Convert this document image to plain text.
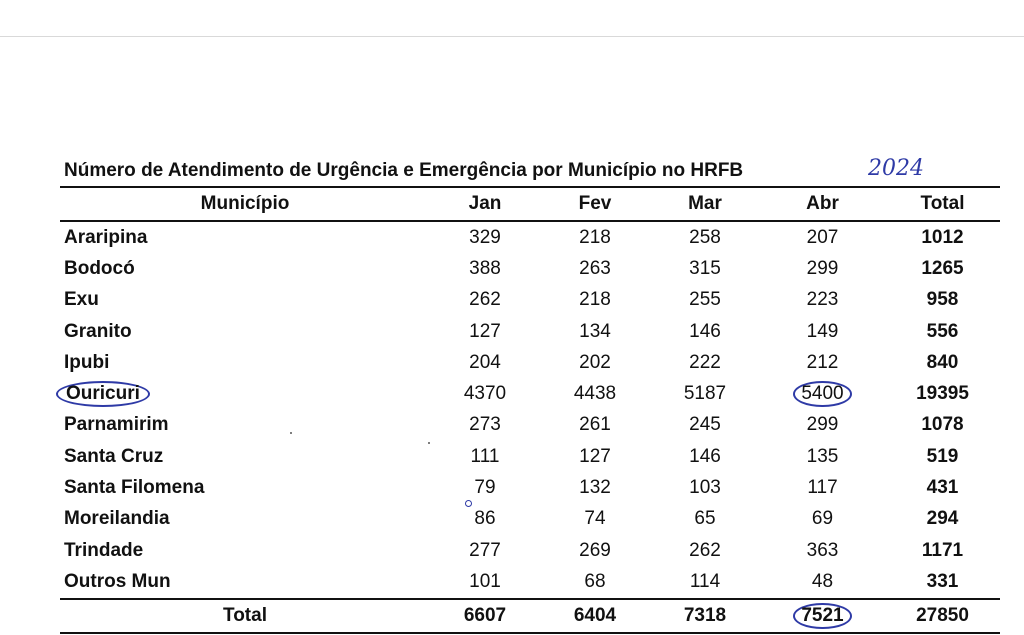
Número de Atendimento de Urgência e Emergência por Município no HRFB	2024
Município	Jan	Fev	Mar	Abr	Total
Araripina	329	218	258	207	1012
Bodocó	388	263	315	299	1265
Exu	262	218	255	223	958
Granito	127	134	146	149	556
Ipubi	204	202	222	212	840
Ouricuri	4370	4438	5187	5400	19395
Parnamirim	273	261	245	299	1078
Santa Cruz	111	127	146	135	519
Santa Filomena	79	132	103	117	431
Moreilandia	86	74	65	69	294
Trindade	277	269	262	363	1171
Outros Mun	101	68	114	48	331
Total	6607	6404	7318	7521	27850
